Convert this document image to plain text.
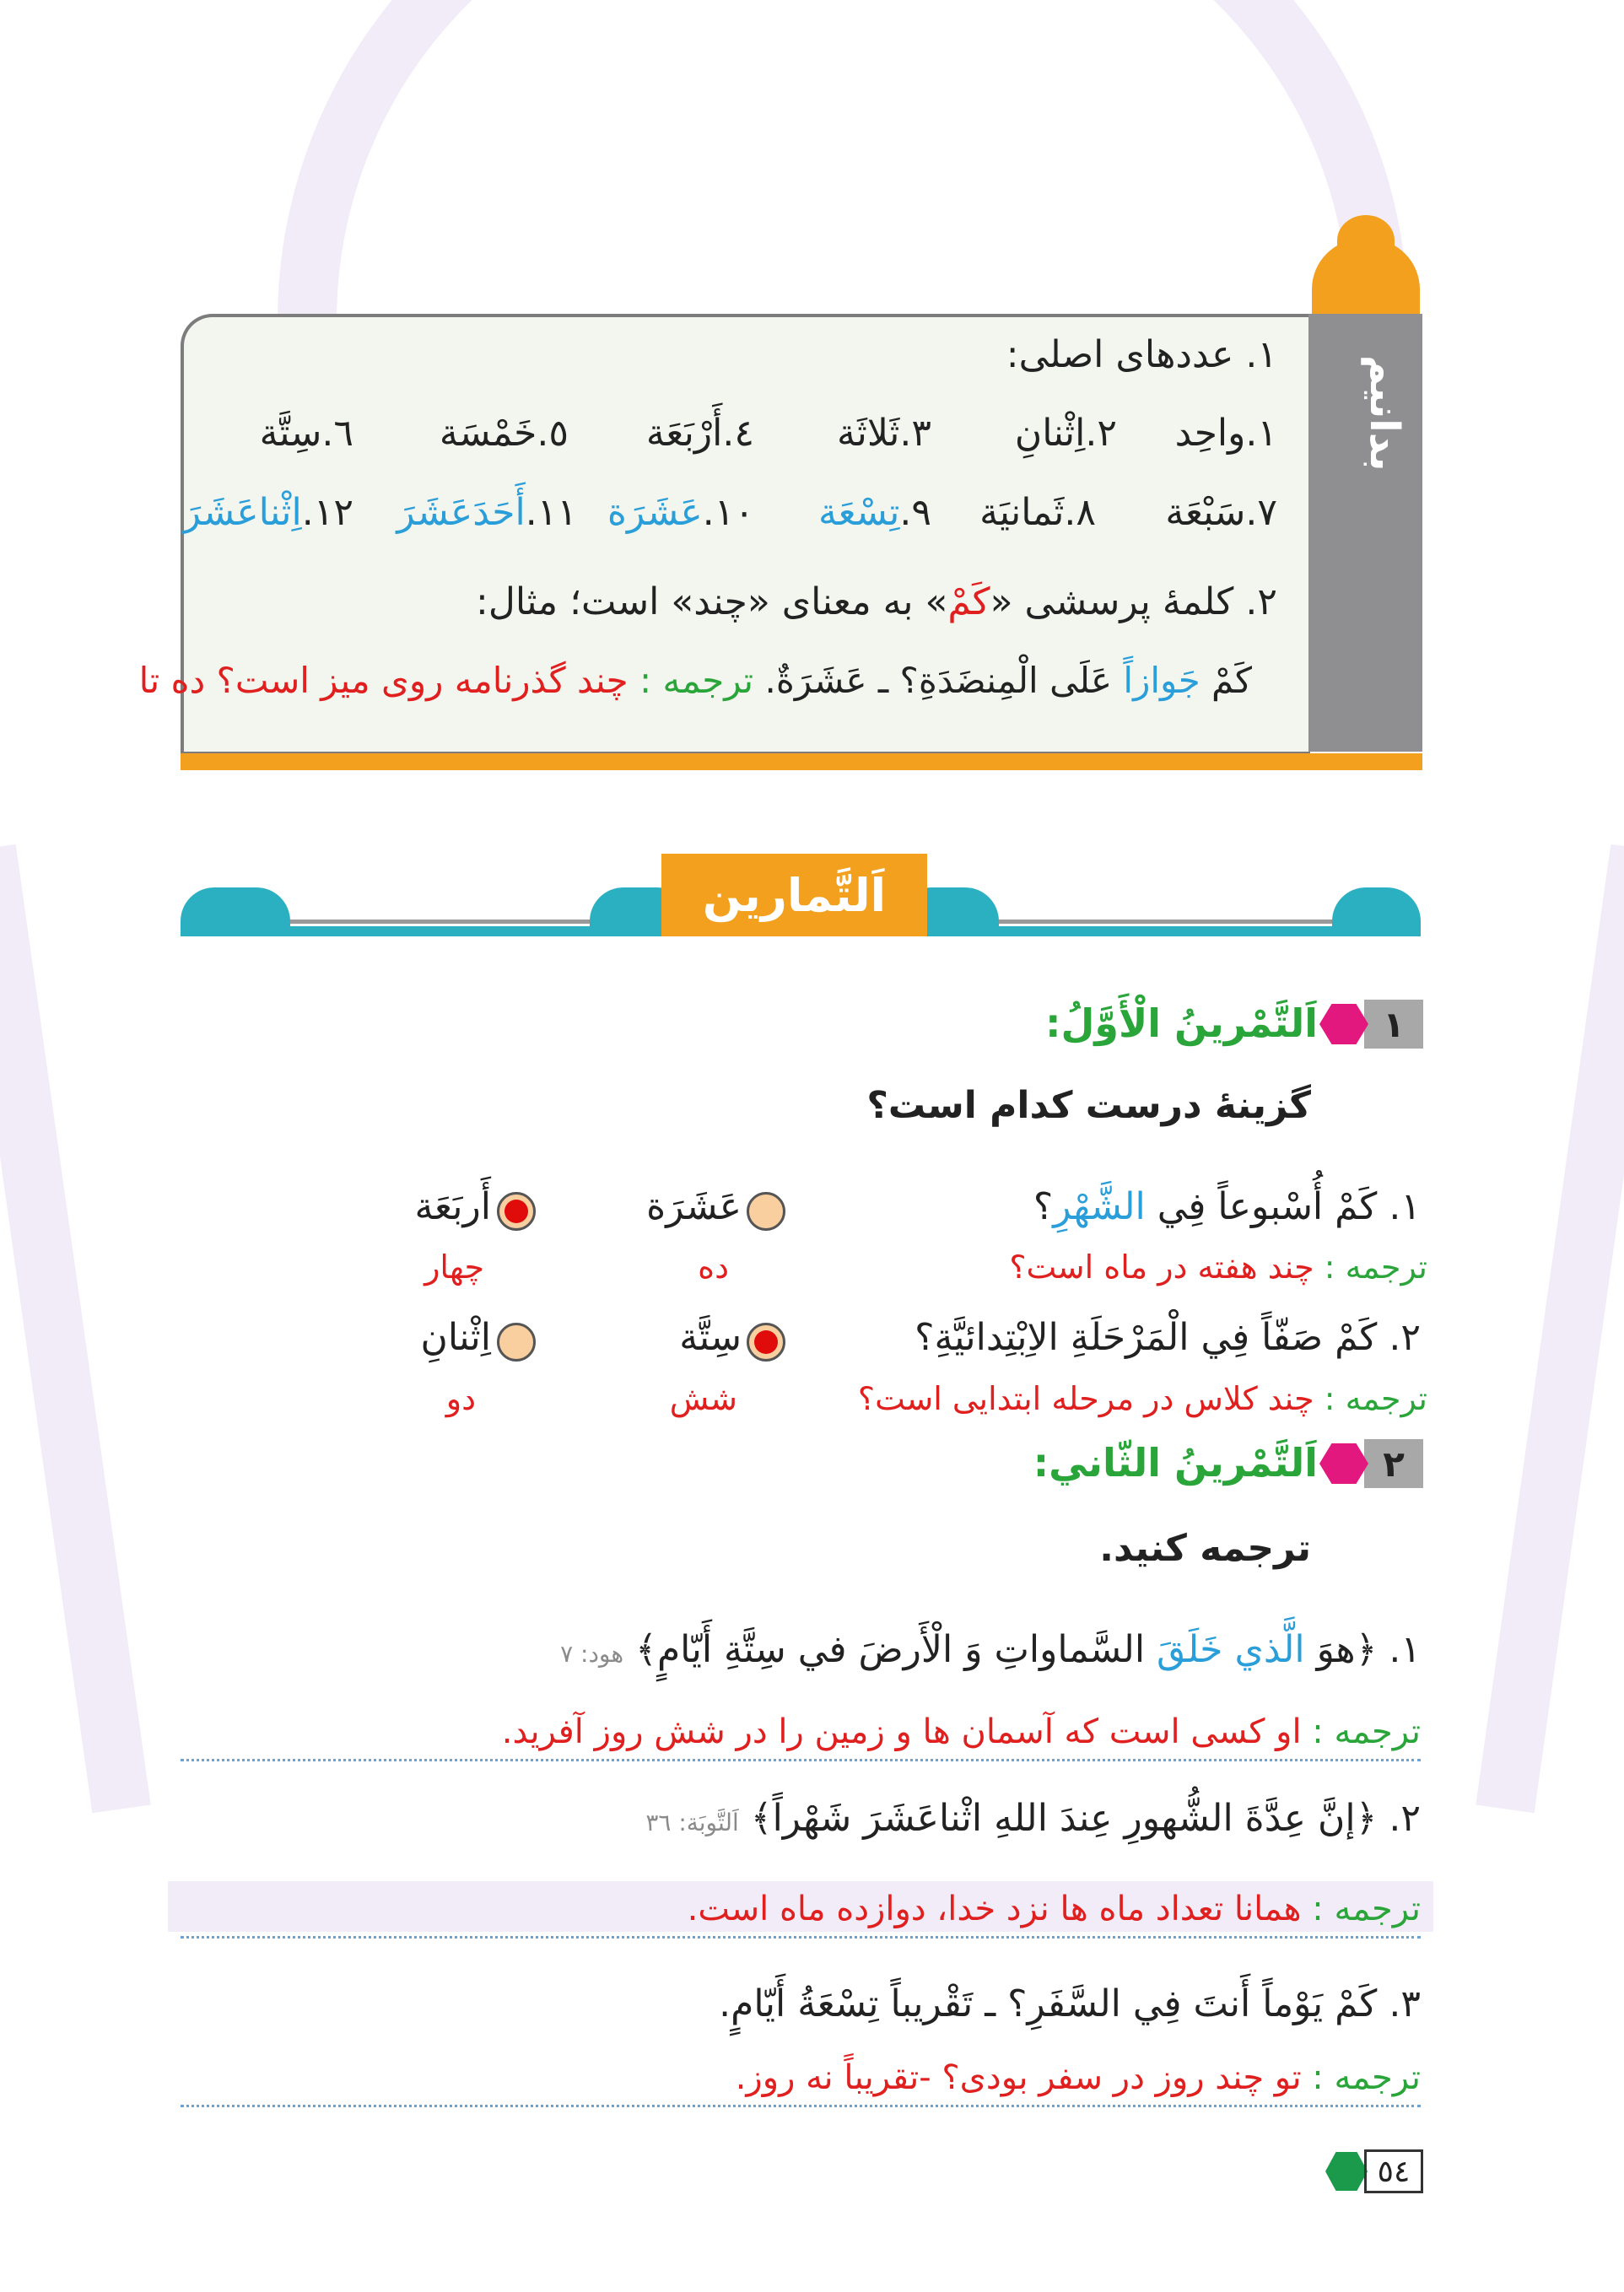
بدانیم
۱. عددهای اصلی:
۱.واحِد
۲.اِثْنانِ
۳.ثَلاثَة
٤.أَرْبَعَة
٥.خَمْسَة
٦.سِتَّة
۷.سَبْعَة
۸.ثَمانیَة
۹.تِسْعَة
۱۰.عَشَرَة
۱۱.أَحَدَعَشَرَ
۱۲.اِثْناعَشَرَ
۲. کلمهٔ پرسشی «کَمْ» به معنای «چند» است؛ مثال:
کَمْ جَوازاً عَلَی الْمِنضَدَةِ؟ ـ عَشَرَةٌ. ترجمه : چند گذرنامه روی میز است؟ ده تا
اَلتَّمارین
۱
اَلتَّمْرینُ الْأَوَّلُ:
گزینهٔ درست کدام است؟
۱. کَمْ أُسْبوعاً فِي الشَّهْرِ؟
عَشَرَة
أَربَعَة
ترجمه : چند هفته در ماه است؟
ده
چهار
۲. کَمْ صَفّاً فِي الْمَرْحَلَةِ الاِبْتِدائیَّةِ؟
سِتَّة
اِثْنانِ
ترجمه : چند کلاس در مرحله ابتدایی است؟
شش
دو
۲
اَلتَّمْرینُ الثّاني:
ترجمه کنید.
۱. ﴿هوَ الَّذي خَلَقَ السَّماواتِ وَ الْأَرضَ في سِتَّةِ أَیّامٍ﴾ هود: ۷
ترجمه : او کسی است که آسمان ها و زمین را در شش روز آفرید.
۲. ﴿إنَّ عِدَّةَ الشُّهورِ عِندَ اللهِ اثْناعَشَرَ شَهْراً﴾ اَلتَّوبَة: ۳٦
ترجمه : همانا تعداد ماه ها نزد خدا، دوازده ماه است.
۳. کَمْ یَوْماً أَنتَ فِي السَّفَرِ؟ ـ تَقْریباً تِسْعَةُ أَیّامٍ.
ترجمه : تو چند روز در سفر بودی؟ -تقریباً نه روز.
٥٤
